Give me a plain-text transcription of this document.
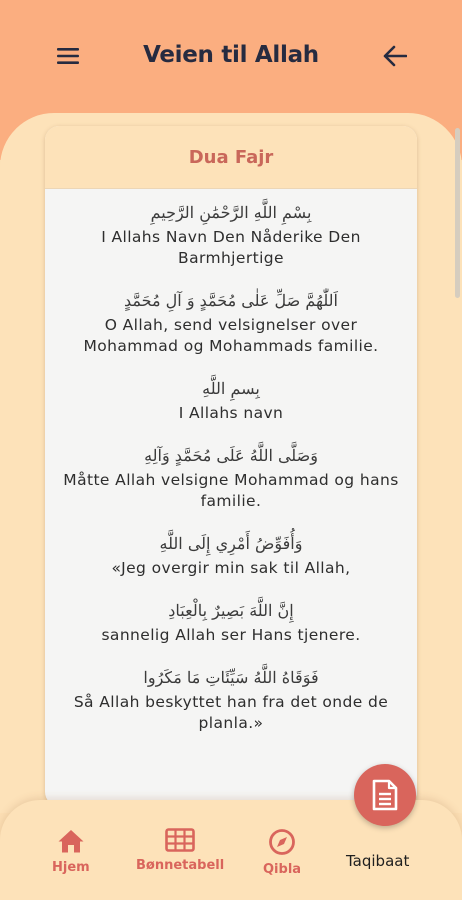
Veien til Allah
Dua Fajr
بِسْمِ اللَّهِ الرَّحْمَٰنِ الرَّحِيمِ
I Allahs Navn Den Nåderike Den Barmhjertige
اَللّٰهُمَّ صَلِّ عَلٰى مُحَمَّدٍ وَ آلِ مُحَمَّدٍ
O Allah, send velsignelser over Mohammad og Mohammads familie.
بِسمِ اللَّهِ
I Allahs navn
وَصَلَّى اللَّهُ عَلَى مُحَمَّدٍ وَآلِهِ
Måtte Allah velsigne Mohammad og hans familie.
وَأُفَوِّضُ أَمْرِي إِلَى اللَّهِ
«Jeg overgir min sak til Allah,
إِنَّ اللَّهَ بَصِيرٌ بِالْعِبَادِ
sannelig Allah ser Hans tjenere.
فَوَقَاهُ اللَّهُ سَيِّئَاتِ مَا مَكَرُوا
Så Allah beskyttet han fra det onde de planla.»
Hjem	Bønnetabell	Qibla	Taqibaat
